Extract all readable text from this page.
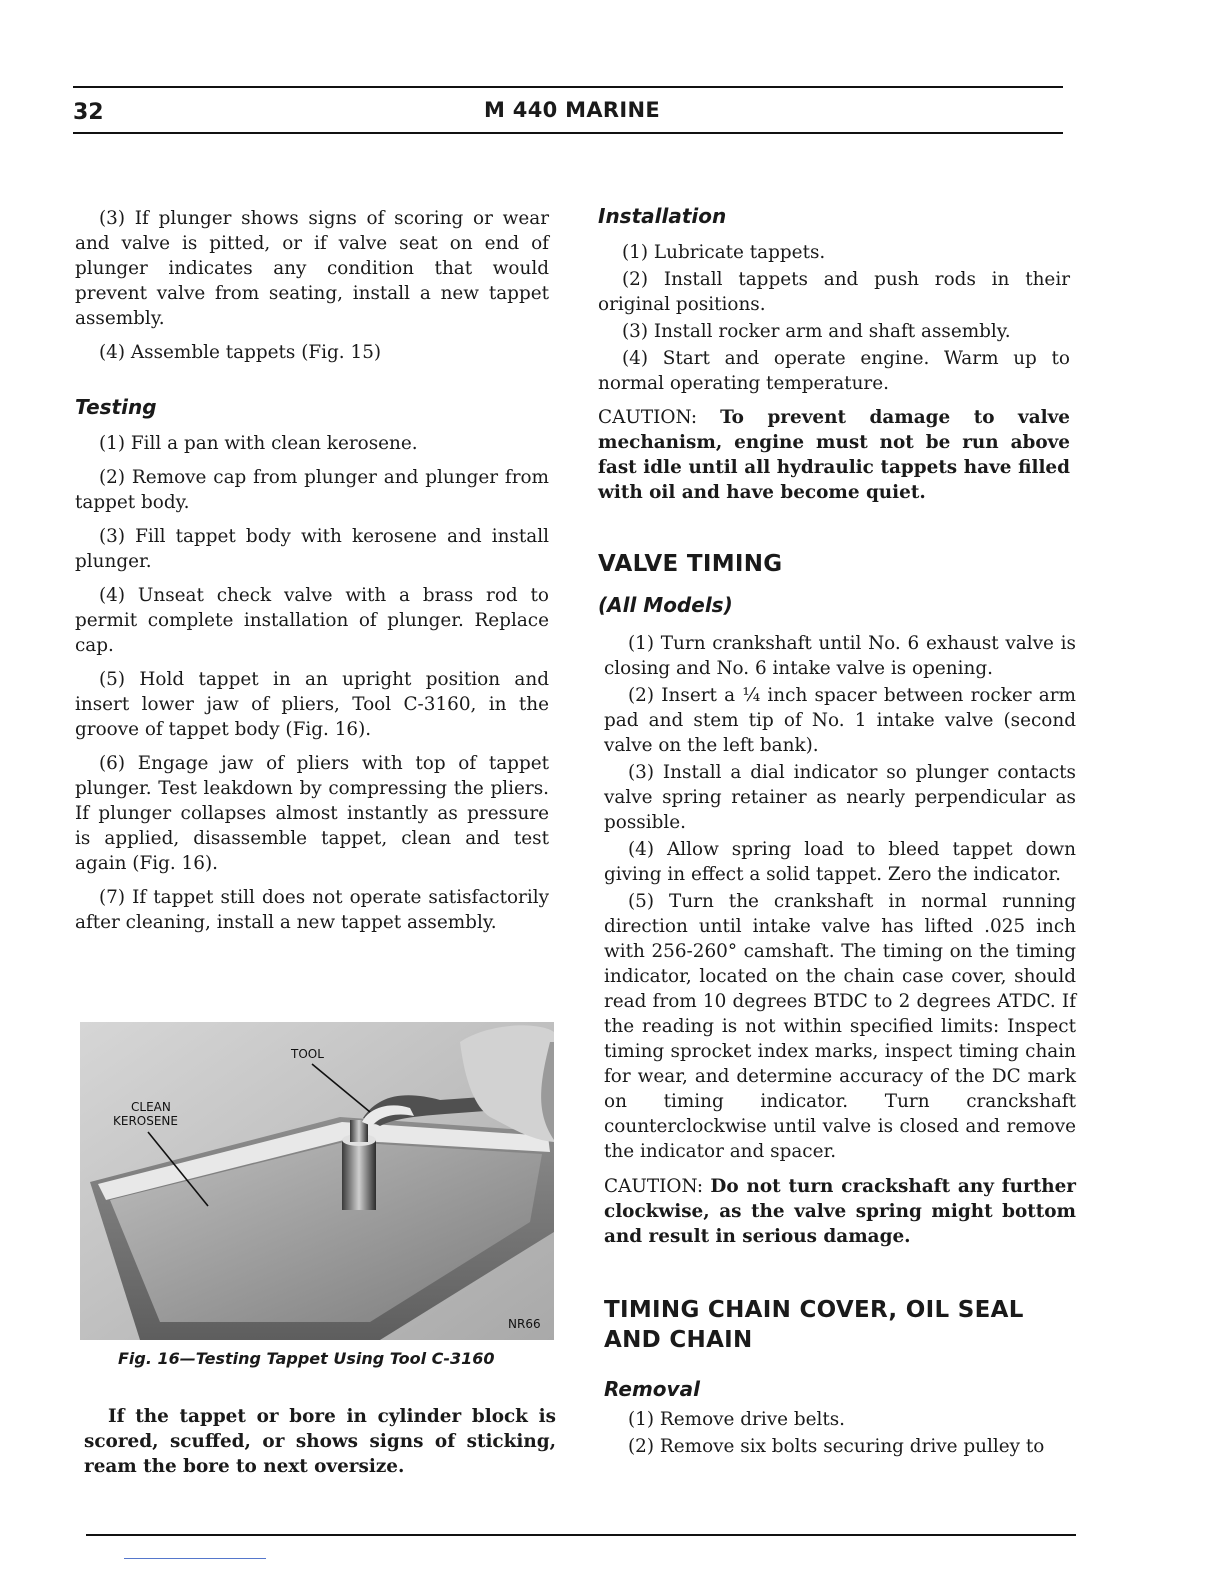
32	M 440 MARINE

(3) If plunger shows signs of scoring or wear and valve is pitted, or if valve seat on end of plunger indicates any condition that would prevent valve from seating, install a new tappet assembly.

(4) Assemble tappets (Fig. 15)

Testing

(1) Fill a pan with clean kerosene.

(2) Remove cap from plunger and plunger from tappet body.

(3) Fill tappet body with kerosene and install plunger.

(4) Unseat check valve with a brass rod to permit complete installation of plunger. Replace cap.

(5) Hold tappet in an upright position and insert lower jaw of pliers, Tool C-3160, in the groove of tappet body (Fig. 16).

(6) Engage jaw of pliers with top of tappet plunger. Test leakdown by compressing the pliers. If plunger collapses almost instantly as pressure is applied, disassemble tappet, clean and test again (Fig. 16).

(7) If tappet still does not operate satisfactorily after cleaning, install a new tappet assembly.

TOOL
CLEAN
KEROSENE
NR66
Fig. 16—Testing Tappet Using Tool C-3160

If the tappet or bore in cylinder block is scored, scuffed, or shows signs of sticking, ream the bore to next oversize.

Installation

(1) Lubricate tappets.

(2) Install tappets and push rods in their original positions.

(3) Install rocker arm and shaft assembly.

(4) Start and operate engine. Warm up to normal operating temperature.

CAUTION: To prevent damage to valve mechanism, engine must not be run above fast idle until all hydraulic tappets have filled with oil and have become quiet.

VALVE TIMING
(All Models)

(1) Turn crankshaft until No. 6 exhaust valve is closing and No. 6 intake valve is opening.

(2) Insert a ¼ inch spacer between rocker arm pad and stem tip of No. 1 intake valve (second valve on the left bank).

(3) Install a dial indicator so plunger contacts valve spring retainer as nearly perpendicular as possible.

(4) Allow spring load to bleed tappet down giving in effect a solid tappet. Zero the indicator.

(5) Turn the crankshaft in normal running direction until intake valve has lifted .025 inch with 256-260° camshaft. The timing on the timing indicator, located on the chain case cover, should read from 10 degrees BTDC to 2 degrees ATDC. If the reading is not within specified limits: Inspect timing sprocket index marks, inspect timing chain for wear, and determine accuracy of the DC mark on timing indicator. Turn cranckshaft counterclockwise until valve is closed and remove the indicator and spacer.

CAUTION: Do not turn crackshaft any further clockwise, as the valve spring might bottom and result in serious damage.

TIMING CHAIN COVER, OIL SEAL
AND CHAIN
Removal

(1) Remove drive belts.

(2) Remove six bolts securing drive pulley to
